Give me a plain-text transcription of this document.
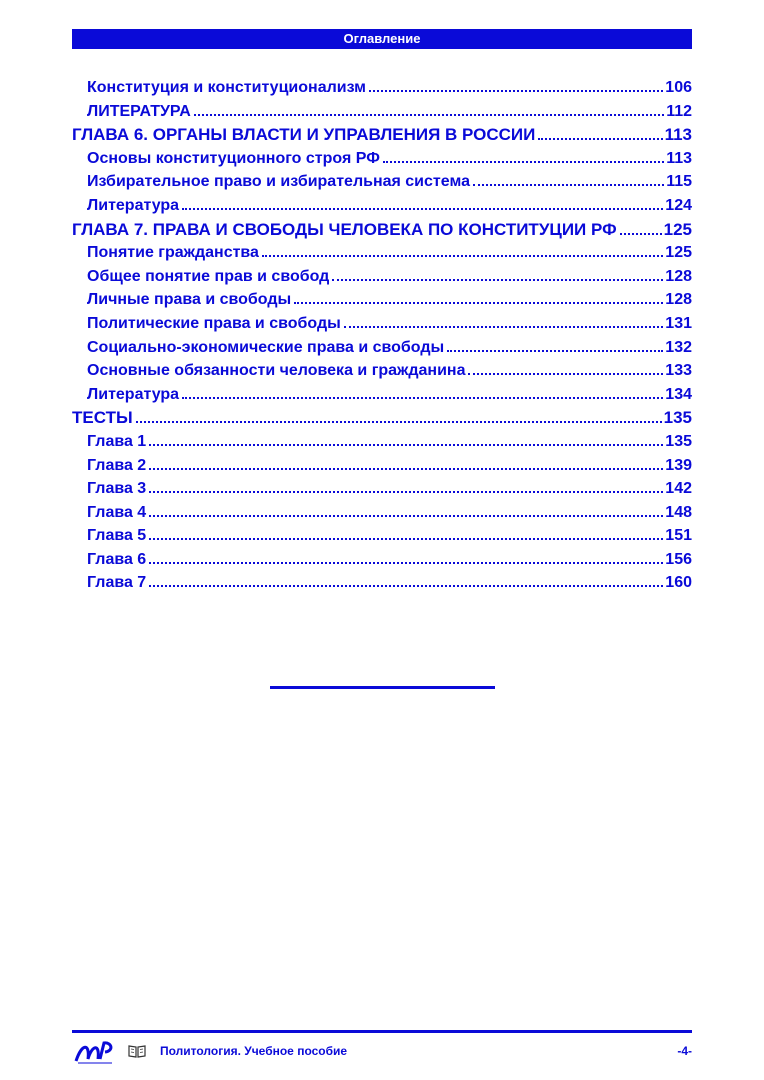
Оглавление
Конституция и конституционализм	106
ЛИТЕРАТУРА	112
ГЛАВА 6. ОРГАНЫ ВЛАСТИ И УПРАВЛЕНИЯ В РОССИИ	113
Основы конституционного строя РФ	113
Избирательное право и избирательная система	115
Литература	124
ГЛАВА 7. ПРАВА И СВОБОДЫ ЧЕЛОВЕКА ПО КОНСТИТУЦИИ РФ	125
Понятие гражданства	125
Общее понятие прав и свобод	128
Личные права и свободы	128
Политические права и свободы	131
Социально-экономические права и свободы	132
Основные обязанности человека и гражданина	133
Литература	134
ТЕСТЫ	135
Глава 1	135
Глава 2	139
Глава 3	142
Глава 4	148
Глава 5	151
Глава 6	156
Глава 7	160
Политология. Учебное пособие	-4-
